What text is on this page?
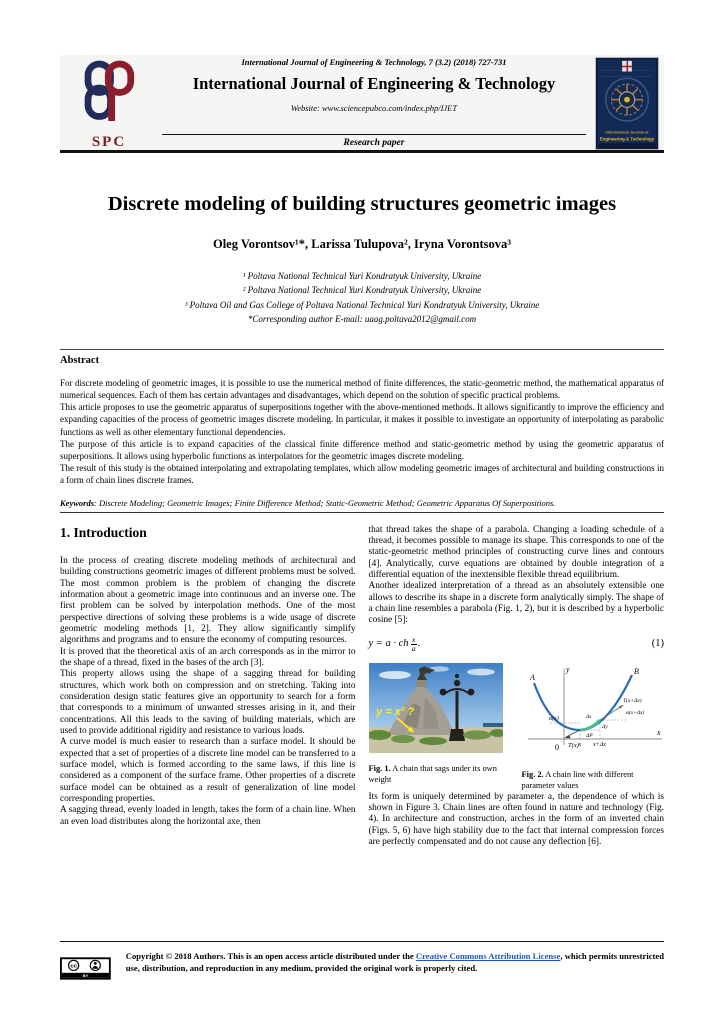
SPC
International Journal of Engineering & Technology, 7 (3.2) (2018) 727-731
International Journal of Engineering & Technology
Website: www.sciencepubco.com/index.php/IJET
Research paper
International Journal of
Engineering & Technology
Discrete modeling of building structures geometric images
Oleg Vorontsov¹*, Larissa Tulupova², Iryna Vorontsova³
¹ Poltava National Technical Yuri Kondratyuk University, Ukraine
² Poltava National Technical Yuri Kondratyuk University, Ukraine
³ Poltava Oil and Gas College of Poltava National Technical Yuri Kondratyuk University, Ukraine
*Corresponding author E-mail: uaag.poltava2012@gmail.com
Abstract

For discrete modeling of geometric images, it is possible to use the numerical method of finite differences, the static-geometric method, the mathematical apparatus of numerical sequences. Each of them has certain advantages and disadvantages, which depend on the solution of specific practical problems.

This article proposes to use the geometric apparatus of superpositions together with the above-mentioned methods. It allows significantly to improve the efficiency and expanding capacities of the process of geometric images discrete modeling. In particular, it makes it possible to investigate an opportunity of interpolating as parabolic functions as well as other elementary functional dependencies.

The purpose of this article is to expand capacities of the classical finite difference method and static-geometric method by using the geometric apparatus of superpositions. It allows using hyperbolic functions as interpolators for the geometric images discrete modeling.

The result of this study is the obtained interpolating and extrapolating templates, which allow modeling geometric images of architectural and building constructions in a form of chain lines discrete frames.

Keywords: Discrete Modeling; Geometric Images; Finite Difference Method; Static-Geometric Method; Geometric Apparatus Of Superpositions.
1. Introduction

In the process of creating discrete modeling methods of architectural and building constructions geometric images of different problems must be solved. The most common problem is the problem of changing the discrete information about a geometric image into continuous and an inverse one. The first problem can be solved by interpolation methods. One of the most perspective directions of solving these problems is a wide usage of discrete geometric modeling methods [1, 2]. They allow significantly simplify algorithms and programs and to ensure the economy of computing resources.

It is proved that the theoretical axis of an arch corresponds as in the mirror to the shape of a thread, fixed in the bases of the arch [3].

This property allows using the shape of a sagging thread for building structures, which work both on compression and on stretching. Taking into consideration design static features give an opportunity to search for a form that corresponds to a minimum of unwanted stresses arising in it, and their concentrations. All this leads to the saving of building materials, which are used to provide additional rigidity and resistance to various loads.

A curve model is much easier to research than a surface model. It should be expected that a set of properties of a discrete line model can be transferred to a surface model, which is formed according to the same laws, if this line is considered as a component of the surface frame. Other properties of a discrete surface model can be obtained as a result of generalization of line model corresponding properties.

A sagging thread, evenly loaded in length, takes the form of a chain line. When an even load distributes along the horizontal axe, then

that thread takes the shape of a parabola. Changing a loading schedule of a thread, it becomes possible to manage its shape. This corresponds to one of the static-geometric method principles of constructing curve lines and contours [4]. Analytically, curve equations are obtained by double integration of a differential equation of the inextensible flexible thread equilibrium.

Another idealized interpretation of a thread as an absolutely extensible one allows to describe its shape in a discrete form analytically simply. The shape of a chain line resembles a parabola (Fig. 1, 2), but it is described by a hyperbolic cosine [5]:

y = a · ch $\frac{x}{a}$ .	(1)
y = x² ?
Fig. 1. A chain that sags under its own weight
y
x
0
A
B
α(x)
T(x)
Δs
Δy
ΔP
x x+Δx
T(x+Δx)
α(x+Δx)
Fig. 2. A chain line with different parameter values

Its form is uniquely determined by parameter a, the dependence of which is shown in Figure 3. Chain lines are often found in nature and technology (Fig. 4). In architecture and construction, arches in the form of an inverted chain (Figs. 5, 6) have high stability due to the fact that internal compression forces are perfectly compensated and do not cause any deflection [6].

cc
BY
Copyright © 2018 Authors. This is an open access article distributed under the Creative Commons Attribution License, which permits unrestricted use, distribution, and reproduction in any medium, provided the original work is properly cited.
